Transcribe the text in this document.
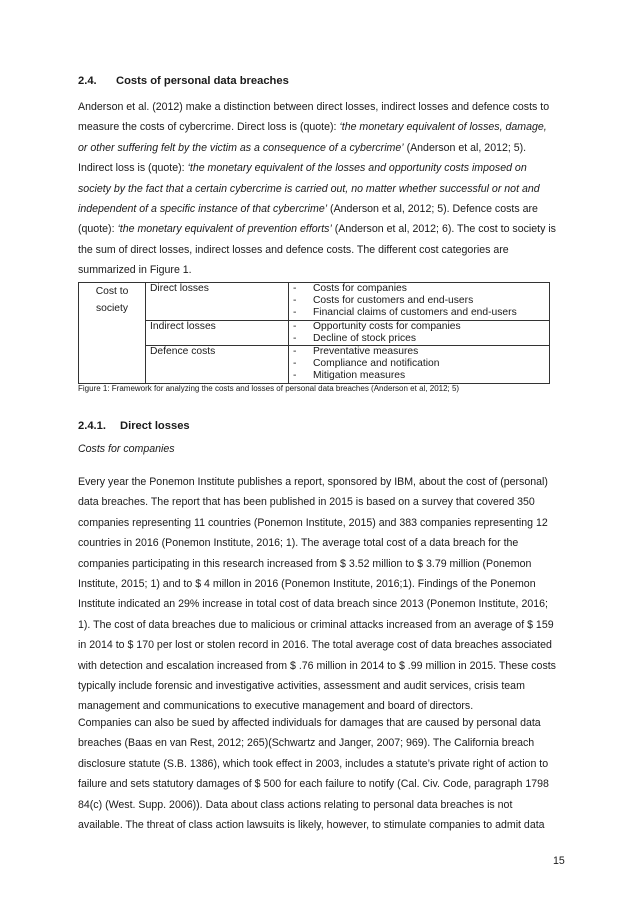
2.4. Costs of personal data breaches
Anderson et al. (2012) make a distinction between direct losses, indirect losses and defence costs to
measure the costs of cybercrime. Direct loss is (quote): ‘the monetary equivalent of losses, damage,
or other suffering felt by the victim as a consequence of a cybercrime’ (Anderson et al, 2012; 5).
Indirect loss is (quote): ‘the monetary equivalent of the losses and opportunity costs imposed on
society by the fact that a certain cybercrime is carried out, no matter whether successful or not and
independent of a specific instance of that cybercrime’ (Anderson et al, 2012; 5). Defence costs are
(quote): ‘the monetary equivalent of prevention efforts’ (Anderson et al, 2012; 6). The cost to society is
the sum of direct losses, indirect losses and defence costs. The different cost categories are
summarized in Figure 1.
Cost to society	Direct losses	- Costs for companies
- Costs for customers and end-users
- Financial claims of customers and end-users

	Indirect losses	- Opportunity costs for companies
- Decline of stock prices

	Defence costs	- Preventative measures
- Compliance and notification
- Mitigation measures
Figure 1: Framework for analyzing the costs and losses of personal data breaches (Anderson et al, 2012; 5)
2.4.1. Direct losses
Costs for companies
Every year the Ponemon Institute publishes a report, sponsored by IBM, about the cost of (personal)
data breaches. The report that has been published in 2015 is based on a survey that covered 350
companies representing 11 countries (Ponemon Institute, 2015) and 383 companies representing 12
countries in 2016 (Ponemon Institute, 2016; 1). The average total cost of a data breach for the
companies participating in this research increased from $ 3.52 million to $ 3.79 million (Ponemon
Institute, 2015; 1) and to $ 4 millon in 2016 (Ponemon Institute, 2016;1). Findings of the Ponemon
Institute indicated an 29% increase in total cost of data breach since 2013 (Ponemon Institute, 2016;
1). The cost of data breaches due to malicious or criminal attacks increased from an average of $ 159
in 2014 to $ 170 per lost or stolen record in 2016. The total average cost of data breaches associated
with detection and escalation increased from $ .76 million in 2014 to $ .99 million in 2015. These costs
typically include forensic and investigative activities, assessment and audit services, crisis team
management and communications to executive management and board of directors.
Companies can also be sued by affected individuals for damages that are caused by personal data
breaches (Baas en van Rest, 2012; 265)(Schwartz and Janger, 2007; 969). The California breach
disclosure statute (S.B. 1386), which took effect in 2003, includes a statute’s private right of action to
failure and sets statutory damages of $ 500 for each failure to notify (Cal. Civ. Code, paragraph 1798
84(c) (West. Supp. 2006)). Data about class actions relating to personal data breaches is not
available. The threat of class action lawsuits is likely, however, to stimulate companies to admit data
15
